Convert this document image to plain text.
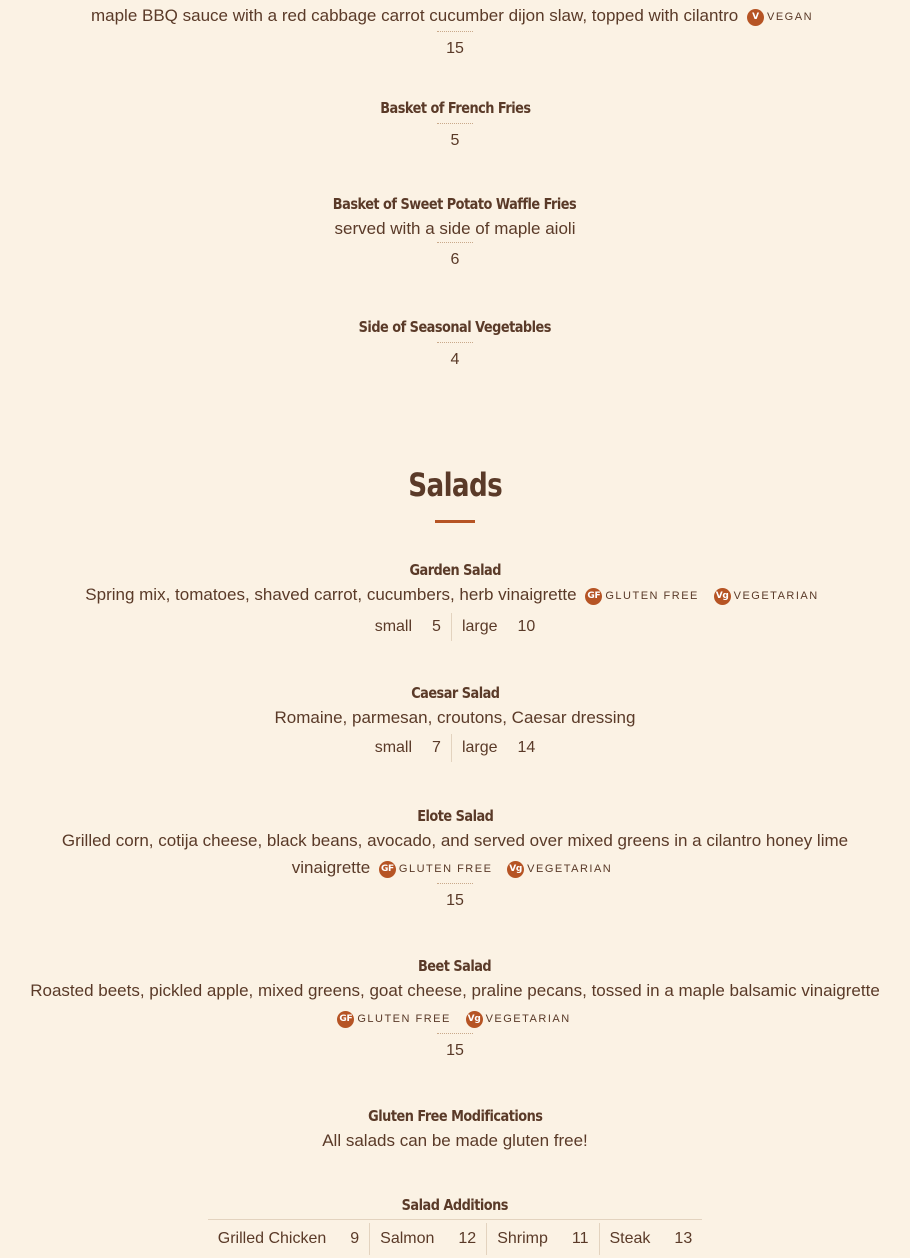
maple BBQ sauce with a red cabbage carrot cucumber dijon slaw, topped with cilantro V VEGAN
15
Basket of French Fries
5
Basket of Sweet Potato Waffle Fries
served with a side of maple aioli
6
Side of Seasonal Vegetables
4
Salads
Garden Salad
Spring mix, tomatoes, shaved carrot, cucumbers, herb vinaigrette GF GLUTEN FREE Vg VEGETARIAN
small 5 large 10
Caesar Salad
Romaine, parmesan, croutons, Caesar dressing
small 7 large 14
Elote Salad
Grilled corn, cotija cheese, black beans, avocado, and served over mixed greens in a cilantro honey lime vinaigrette GF GLUTEN FREE Vg VEGETARIAN
15
Beet Salad
Roasted beets, pickled apple, mixed greens, goat cheese, praline pecans, tossed in a maple balsamic vinaigrette GF GLUTEN FREE Vg VEGETARIAN
15
Gluten Free Modifications
All salads can be made gluten free!
Salad Additions
Grilled Chicken 9 Salmon 12 Shrimp 11 Steak 13
